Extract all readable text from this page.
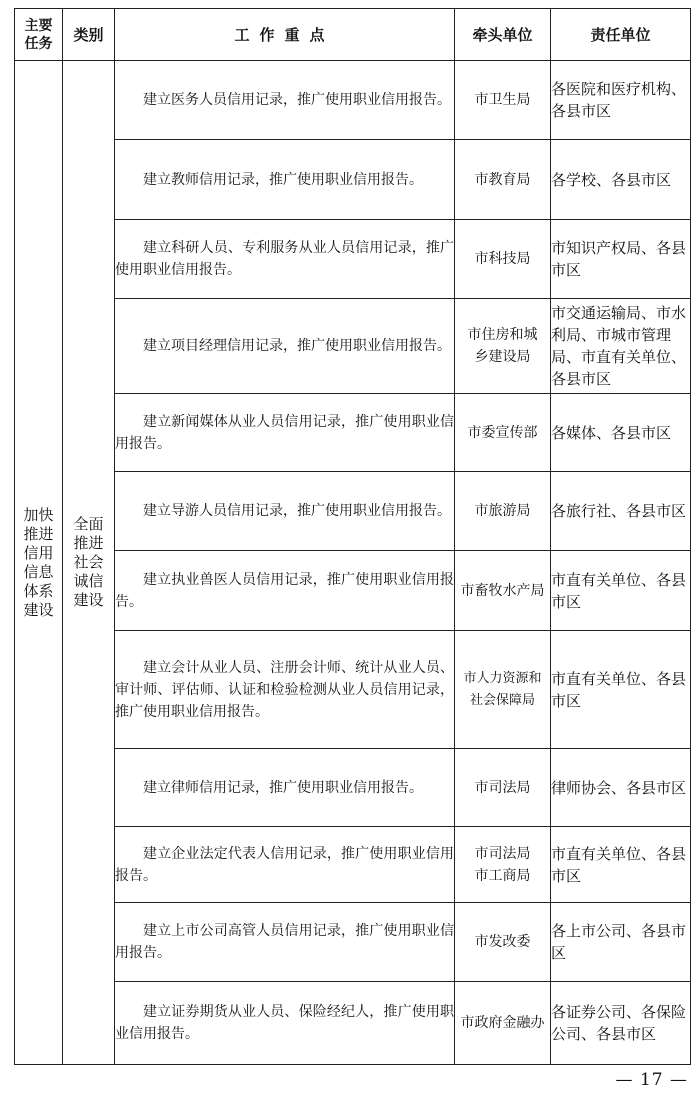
主要任务	类别	工作重点	牵头单位	责任单位
加快推进信用信息体系建设	全面推进社会诚信建设	建立医务人员信用记录，推广使用职业信用报告。	市卫生局	各医院和医疗机构、各县市区
		建立教师信用记录，推广使用职业信用报告。	市教育局	各学校、各县市区
		建立科研人员、专利服务从业人员信用记录，推广使用职业信用报告。	市科技局	市知识产权局、各县市区
		建立项目经理信用记录，推广使用职业信用报告。	市住房和城乡建设局	市交通运输局、市水利局、市城市管理局、市直有关单位、各县市区
		建立新闻媒体从业人员信用记录，推广使用职业信用报告。	市委宣传部	各媒体、各县市区
		建立导游人员信用记录，推广使用职业信用报告。	市旅游局	各旅行社、各县市区
		建立执业兽医人员信用记录，推广使用职业信用报告。	市畜牧水产局	市直有关单位、各县市区
		建立会计从业人员、注册会计师、统计从业人员、审计师、评估师、认证和检验检测从业人员信用记录，推广使用职业信用报告。	市人力资源和社会保障局	市直有关单位、各县市区
		建立律师信用记录，推广使用职业信用报告。	市司法局	律师协会、各县市区
		建立企业法定代表人信用记录，推广使用职业信用报告。	市司法局 市工商局	市直有关单位、各县市区
		建立上市公司高管人员信用记录，推广使用职业信用报告。	市发改委	各上市公司、各县市区
		建立证券期货从业人员、保险经纪人，推广使用职业信用报告。	市政府金融办	各证券公司、各保险公司、各县市区
— 17 —
